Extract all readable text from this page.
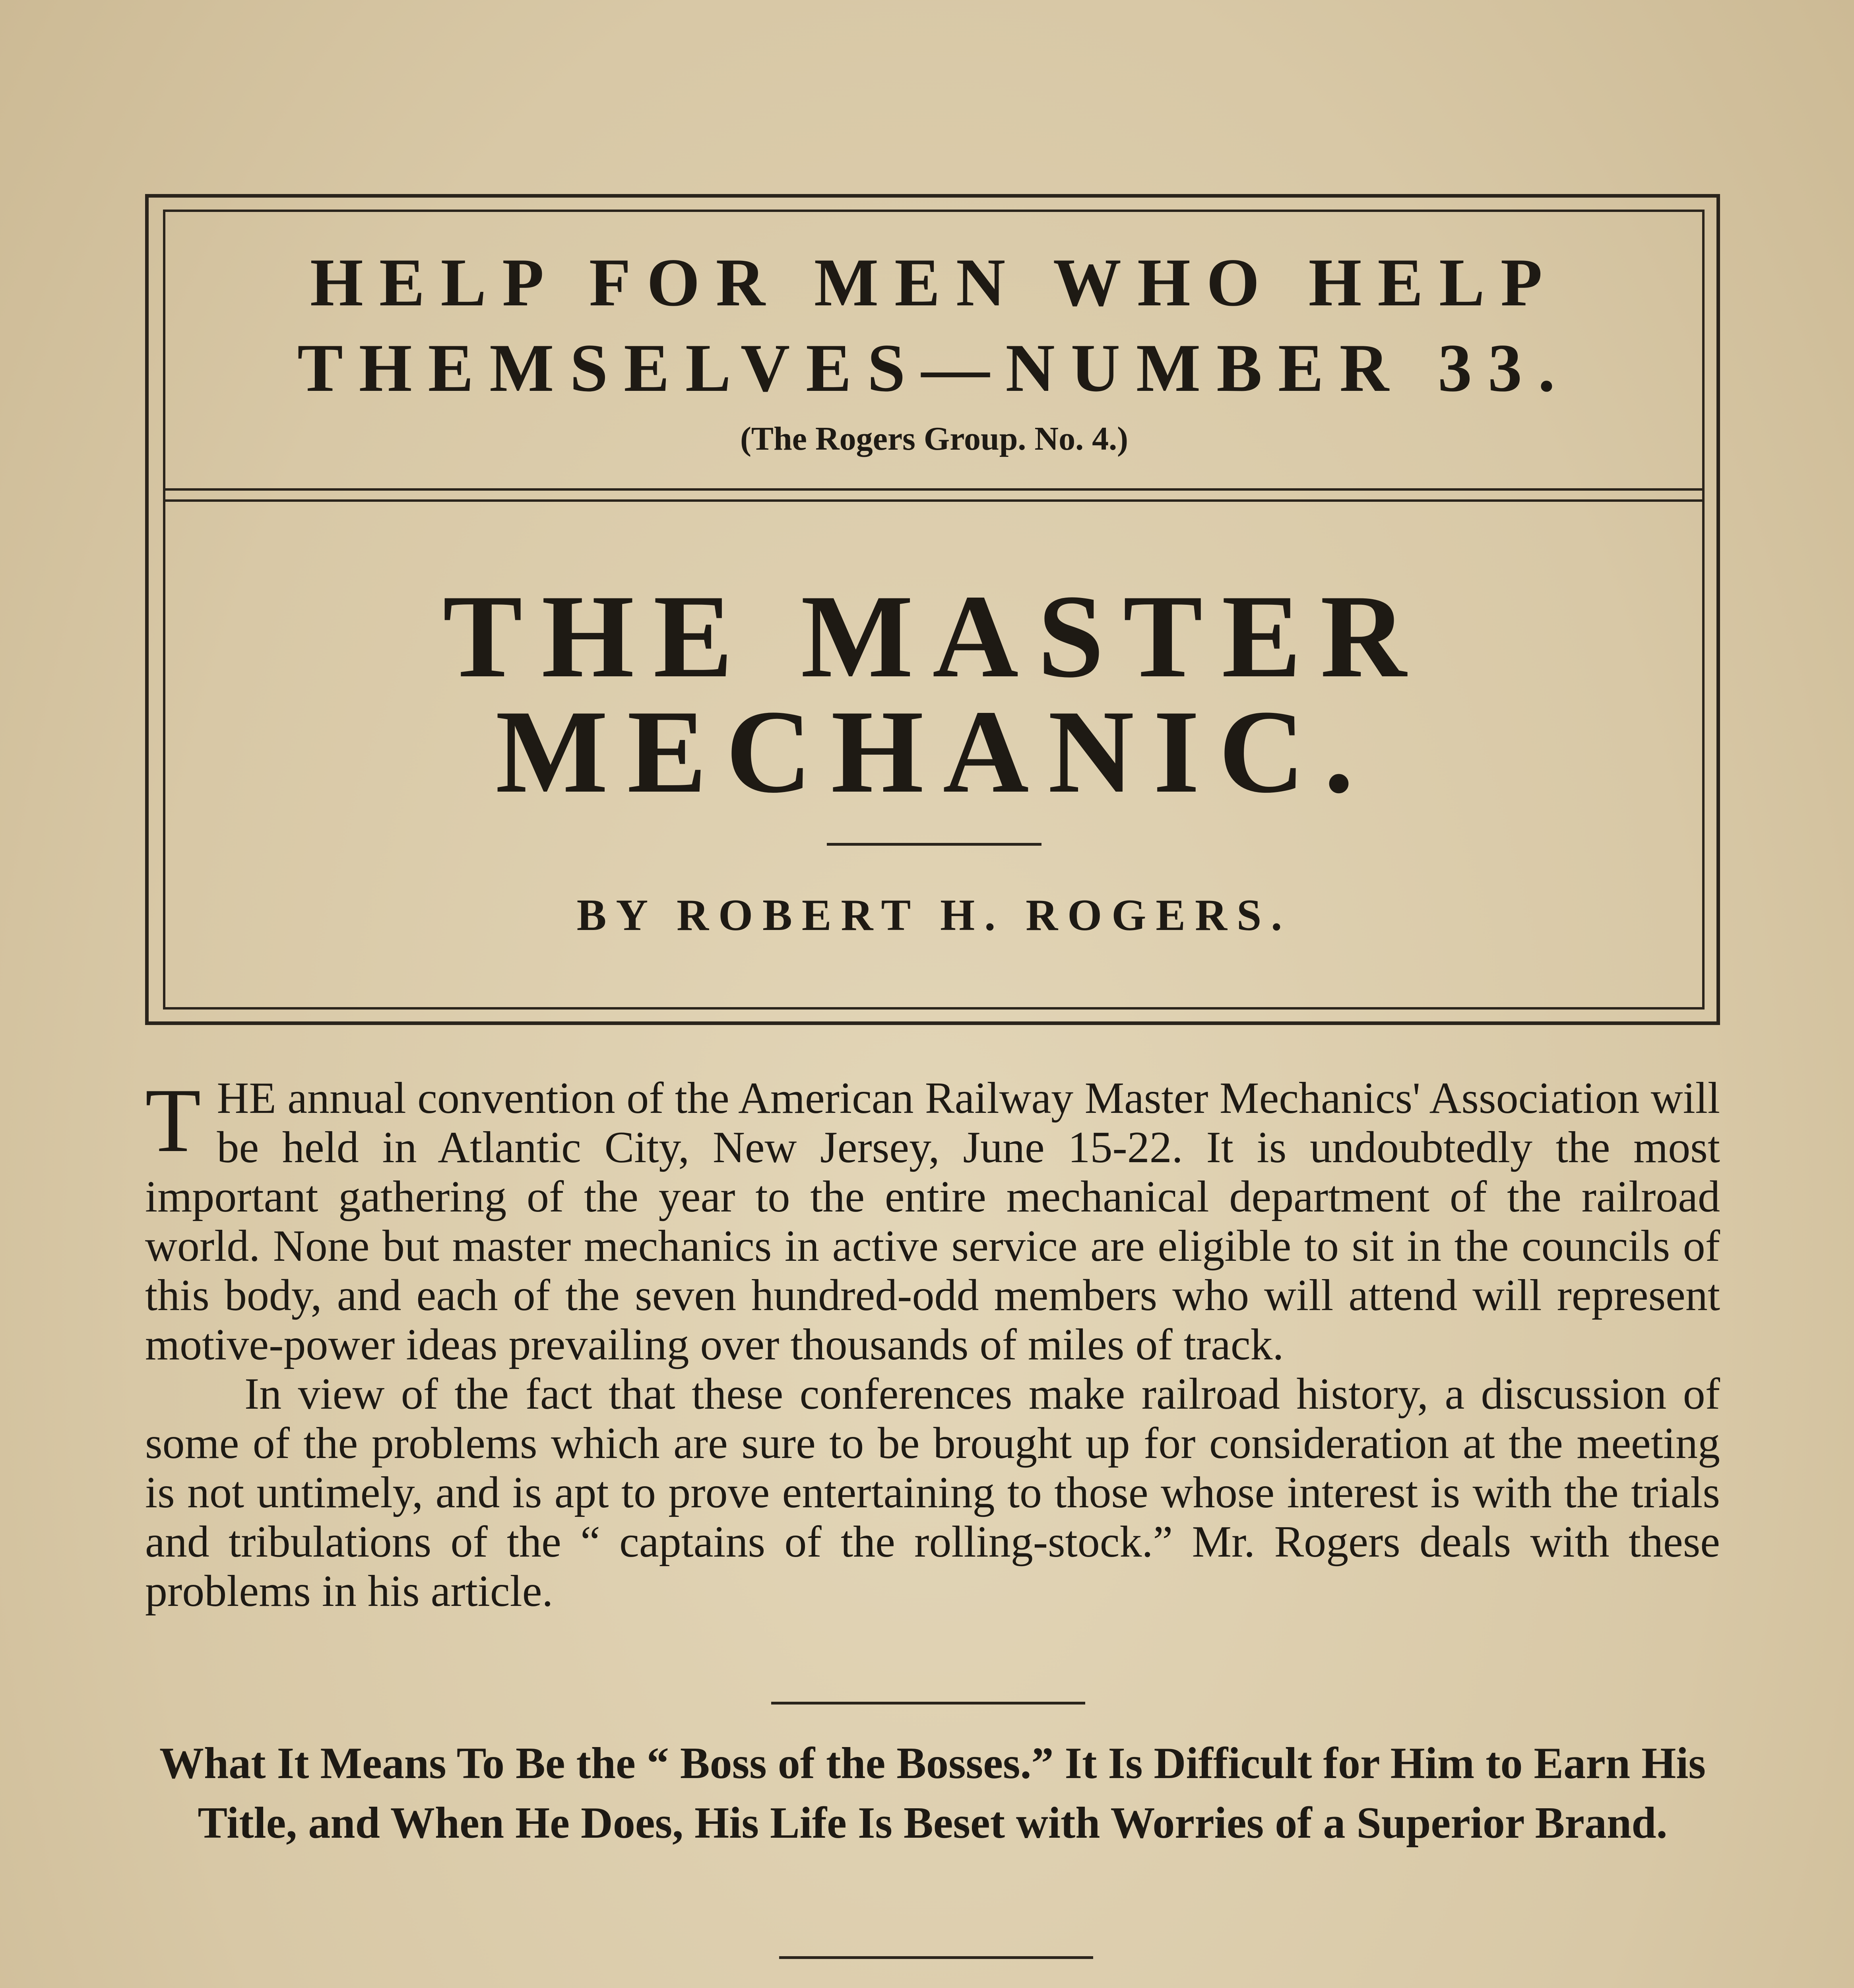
HELP FOR MEN WHO HELP
THEMSELVES—NUMBER 33.
(The Rogers Group. No. 4.)
THE MASTER
MECHANIC.
BY ROBERT H. ROGERS.

THE annual convention of the American Railway Master Mechanics' Association will be held in Atlantic City, New Jersey, June 15-22. It is undoubtedly the most important gathering of the year to the entire mechanical department of the railroad world. None but master mechanics in active service are eligible to sit in the councils of this body, and each of the seven hundred-odd members who will attend will represent motive-power ideas prevailing over thousands of miles of track.

In view of the fact that these conferences make railroad history, a discussion of some of the problems which are sure to be brought up for consideration at the meeting is not untimely, and is apt to prove entertaining to those whose interest is with the trials and tribulations of the “ captains of the rolling-stock.” Mr. Rogers deals with these problems in his article.

What It Means To Be the “ Boss of the Bosses.” It Is Difficult for Him to Earn His Title, and When He Does, His Life Is Beset with Worries of a Superior Brand.
